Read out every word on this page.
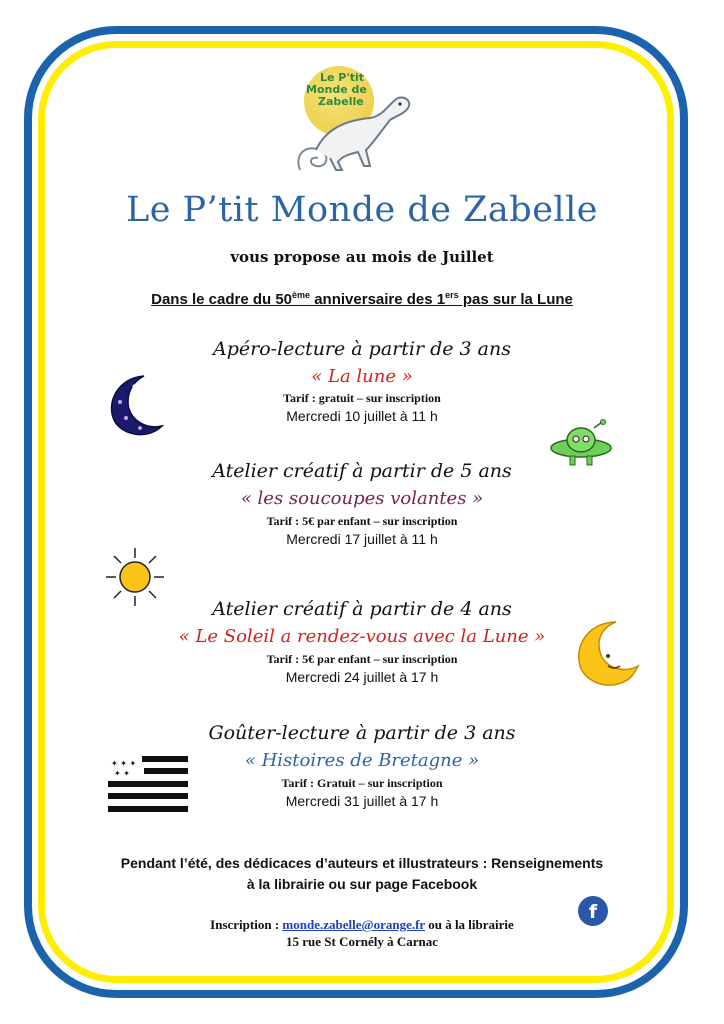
Le P'tit
Monde de
Zabelle
Le P’tit Monde de Zabelle
vous propose au mois de Juillet
Dans le cadre du 50ème anniversaire des 1ers pas sur la Lune
Apéro-lecture à partir de 3 ans
« La lune »
Tarif : gratuit – sur inscription
Mercredi 10 juillet à 11 h
Atelier créatif à partir de 5 ans
« les soucoupes volantes »
Tarif : 5€ par enfant – sur inscription
Mercredi 17 juillet à 11 h
Atelier créatif à partir de 4 ans
« Le Soleil a rendez-vous avec la Lune »
Tarif : 5€ par enfant – sur inscription
Mercredi 24 juillet à 17 h
Goûter-lecture à partir de 3 ans
« Histoires de Bretagne »
Tarif : Gratuit – sur inscription
Mercredi 31 juillet à 17 h
✦ ✦ ✦
✦ ✦
Pendant l’été, des dédicaces d’auteurs et illustrateurs : Renseignements
à la librairie ou sur page Facebook
Inscription : monde.zabelle@orange.fr ou à la librairie
15 rue St Cornély à Carnac
f
